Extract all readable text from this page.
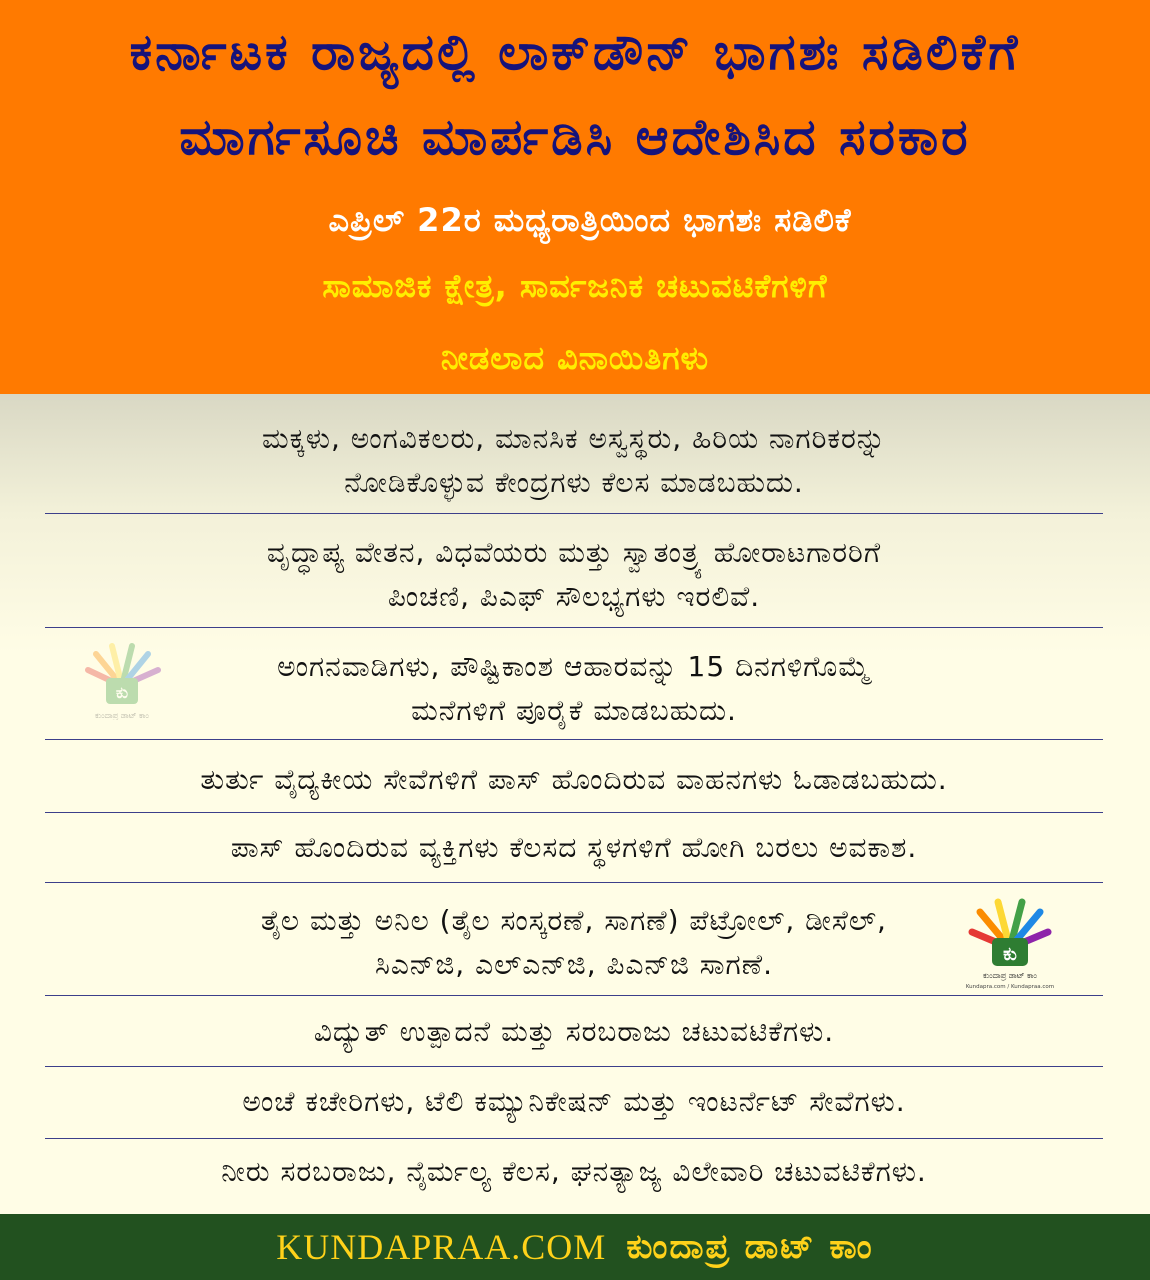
ಕರ್ನಾಟಕ ರಾಜ್ಯದಲ್ಲಿ ಲಾಕ್‌ಡೌನ್ ಭಾಗಶಃ ಸಡಿಲಿಕೆಗೆ
ಮಾರ್ಗಸೂಚಿ ಮಾರ್ಪಡಿಸಿ ಆದೇಶಿಸಿದ ಸರಕಾರ
ಎಪ್ರಿಲ್ 22ರ ಮಧ್ಯರಾತ್ರಿಯಿಂದ ಭಾಗಶಃ ಸಡಿಲಿಕೆ
ಸಾಮಾಜಿಕ ಕ್ಷೇತ್ರ, ಸಾರ್ವಜನಿಕ ಚಟುವಟಿಕೆಗಳಿಗೆ
ನೀಡಲಾದ ವಿನಾಯಿತಿಗಳು
ಮಕ್ಕಳು, ಅಂಗವಿಕಲರು, ಮಾನಸಿಕ ಅಸ್ವಸ್ಥರು, ಹಿರಿಯ ನಾಗರಿಕರನ್ನು
ನೋಡಿಕೊಳ್ಳುವ ಕೇಂದ್ರಗಳು ಕೆಲಸ ಮಾಡಬಹುದು.
ವೃದ್ಧಾಪ್ಯ ವೇತನ, ವಿಧವೆಯರು ಮತ್ತು ಸ್ವಾತಂತ್ರ್ಯ ಹೋರಾಟಗಾರರಿಗೆ
ಪಿಂಚಣಿ, ಪಿಎಫ್ ಸೌಲಭ್ಯಗಳು ಇರಲಿವೆ.
ಅಂಗನವಾಡಿಗಳು, ಪೌಷ್ಟಿಕಾಂಶ ಆಹಾರವನ್ನು 15 ದಿನಗಳಿಗೊಮ್ಮೆ
ಮನೆಗಳಿಗೆ ಪೂರೈಕೆ ಮಾಡಬಹುದು.
ತುರ್ತು ವೈದ್ಯಕೀಯ ಸೇವೆಗಳಿಗೆ ಪಾಸ್ ಹೊಂದಿರುವ ವಾಹನಗಳು ಓಡಾಡಬಹುದು.
ಪಾಸ್ ಹೊಂದಿರುವ ವ್ಯಕ್ತಿಗಳು ಕೆಲಸದ ಸ್ಥಳಗಳಿಗೆ ಹೋಗಿ ಬರಲು ಅವಕಾಶ.
ತೈಲ ಮತ್ತು ಅನಿಲ (ತೈಲ ಸಂಸ್ಕರಣೆ, ಸಾಗಣೆ) ಪೆಟ್ರೋಲ್, ಡೀಸೆಲ್,
ಸಿಎನ್‌ಜಿ, ಎಲ್‌ಎನ್‌ಜಿ, ಪಿಎನ್‌ಜಿ ಸಾಗಣೆ.
ವಿದ್ಯುತ್ ಉತ್ಪಾದನೆ ಮತ್ತು ಸರಬರಾಜು ಚಟುವಟಿಕೆಗಳು.
ಅಂಚೆ ಕಚೇರಿಗಳು, ಟೆಲಿ ಕಮ್ಯುನಿಕೇಷನ್ ಮತ್ತು ಇಂಟರ್ನೆಟ್ ಸೇವೆಗಳು.
ನೀರು ಸರಬರಾಜು, ನೈರ್ಮಲ್ಯ ಕೆಲಸ, ಘನತ್ಯಾಜ್ಯ ವಿಲೇವಾರಿ ಚಟುವಟಿಕೆಗಳು.
ಕು
ಕುಂದಾಪ್ರ ಡಾಟ್ ಕಾಂ
ಕು
ಕುಂದಾಪ್ರ ಡಾಟ್ ಕಾಂ
Kundapra.com / Kundapraa.com
KUNDAPRAA.COM ಕುಂದಾಪ್ರ ಡಾಟ್ ಕಾಂ
